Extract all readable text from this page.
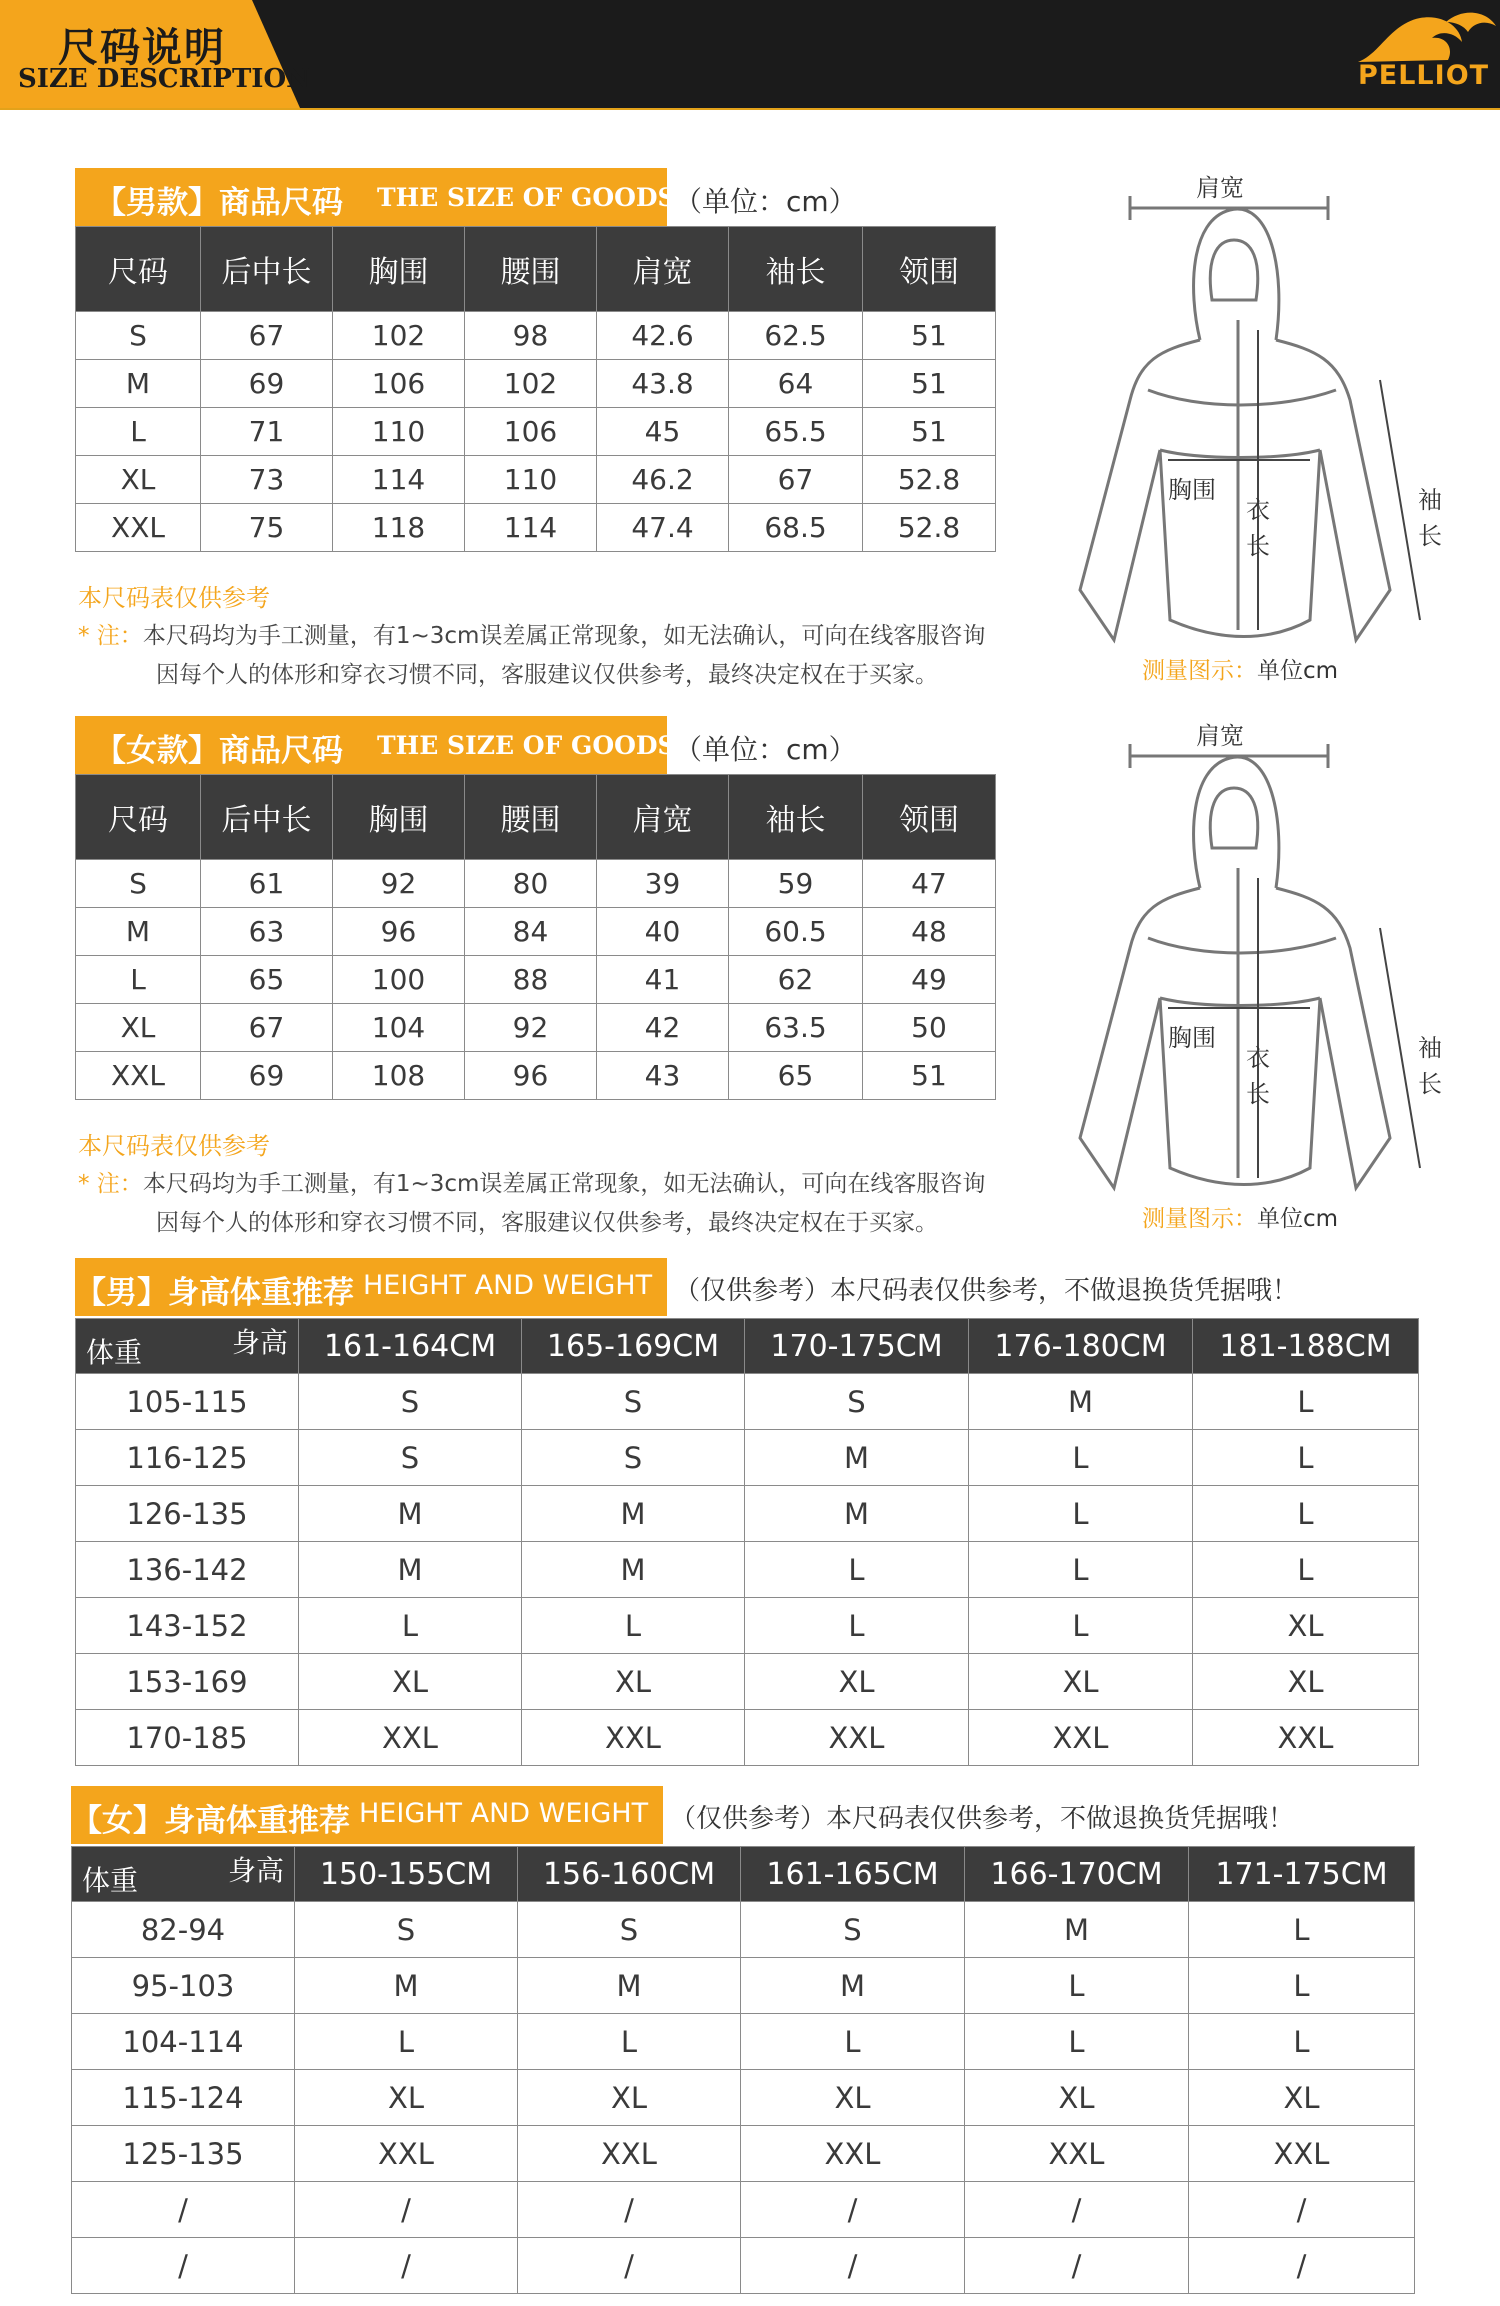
尺码说明
SIZE DESCRIPTION	PELLIOT
【男款】商品尺码 THE SIZE OF GOODS
（单位：cm）
尺码	后中长	胸围	腰围	肩宽	袖长	领围
S	67	102	98	42.6	62.5	51
M	69	106	102	43.8	64	51
L	71	110	106	45	65.5	51
XL	73	114	110	46.2	67	52.8
XXL	75	118	114	47.4	68.5	52.8
本尺码表仅供参考
* 注：本尺码均为手工测量，有1~3cm误差属正常现象，如无法确认，可向在线客服咨询
因每个人的体形和穿衣习惯不同，客服建议仅供参考，最终决定权在于买家。
肩宽
胸围
衣
长
袖
长
测量图示：单位cm
【女款】商品尺码 THE SIZE OF GOODS
（单位：cm）
尺码	后中长	胸围	腰围	肩宽	袖长	领围
S	61	92	80	39	59	47
M	63	96	84	40	60.5	48
L	65	100	88	41	62	49
XL	67	104	92	42	63.5	50
XXL	69	108	96	43	65	51
本尺码表仅供参考
* 注：本尺码均为手工测量，有1~3cm误差属正常现象，如无法确认，可向在线客服咨询
因每个人的体形和穿衣习惯不同，客服建议仅供参考，最终决定权在于买家。
肩宽
胸围
衣
长
袖
长
测量图示：单位cm
【男】身高体重推荐 HEIGHT AND WEIGHT （仅供参考）本尺码表仅供参考，不做退换货凭据哦！
体重 身高	161-164CM	165-169CM	170-175CM	176-180CM	181-188CM
105-115	S	S	S	M	L
116-125	S	S	M	L	L
126-135	M	M	M	L	L
136-142	M	M	L	L	L
143-152	L	L	L	L	XL
153-169	XL	XL	XL	XL	XL
170-185	XXL	XXL	XXL	XXL	XXL
【女】身高体重推荐 HEIGHT AND WEIGHT （仅供参考）本尺码表仅供参考，不做退换货凭据哦！
体重 身高	150-155CM	156-160CM	161-165CM	166-170CM	171-175CM
82-94	S	S	S	M	L
95-103	M	M	M	L	L
104-114	L	L	L	L	L
115-124	XL	XL	XL	XL	XL
125-135	XXL	XXL	XXL	XXL	XXL
/	/	/	/	/	/
/	/	/	/	/	/
